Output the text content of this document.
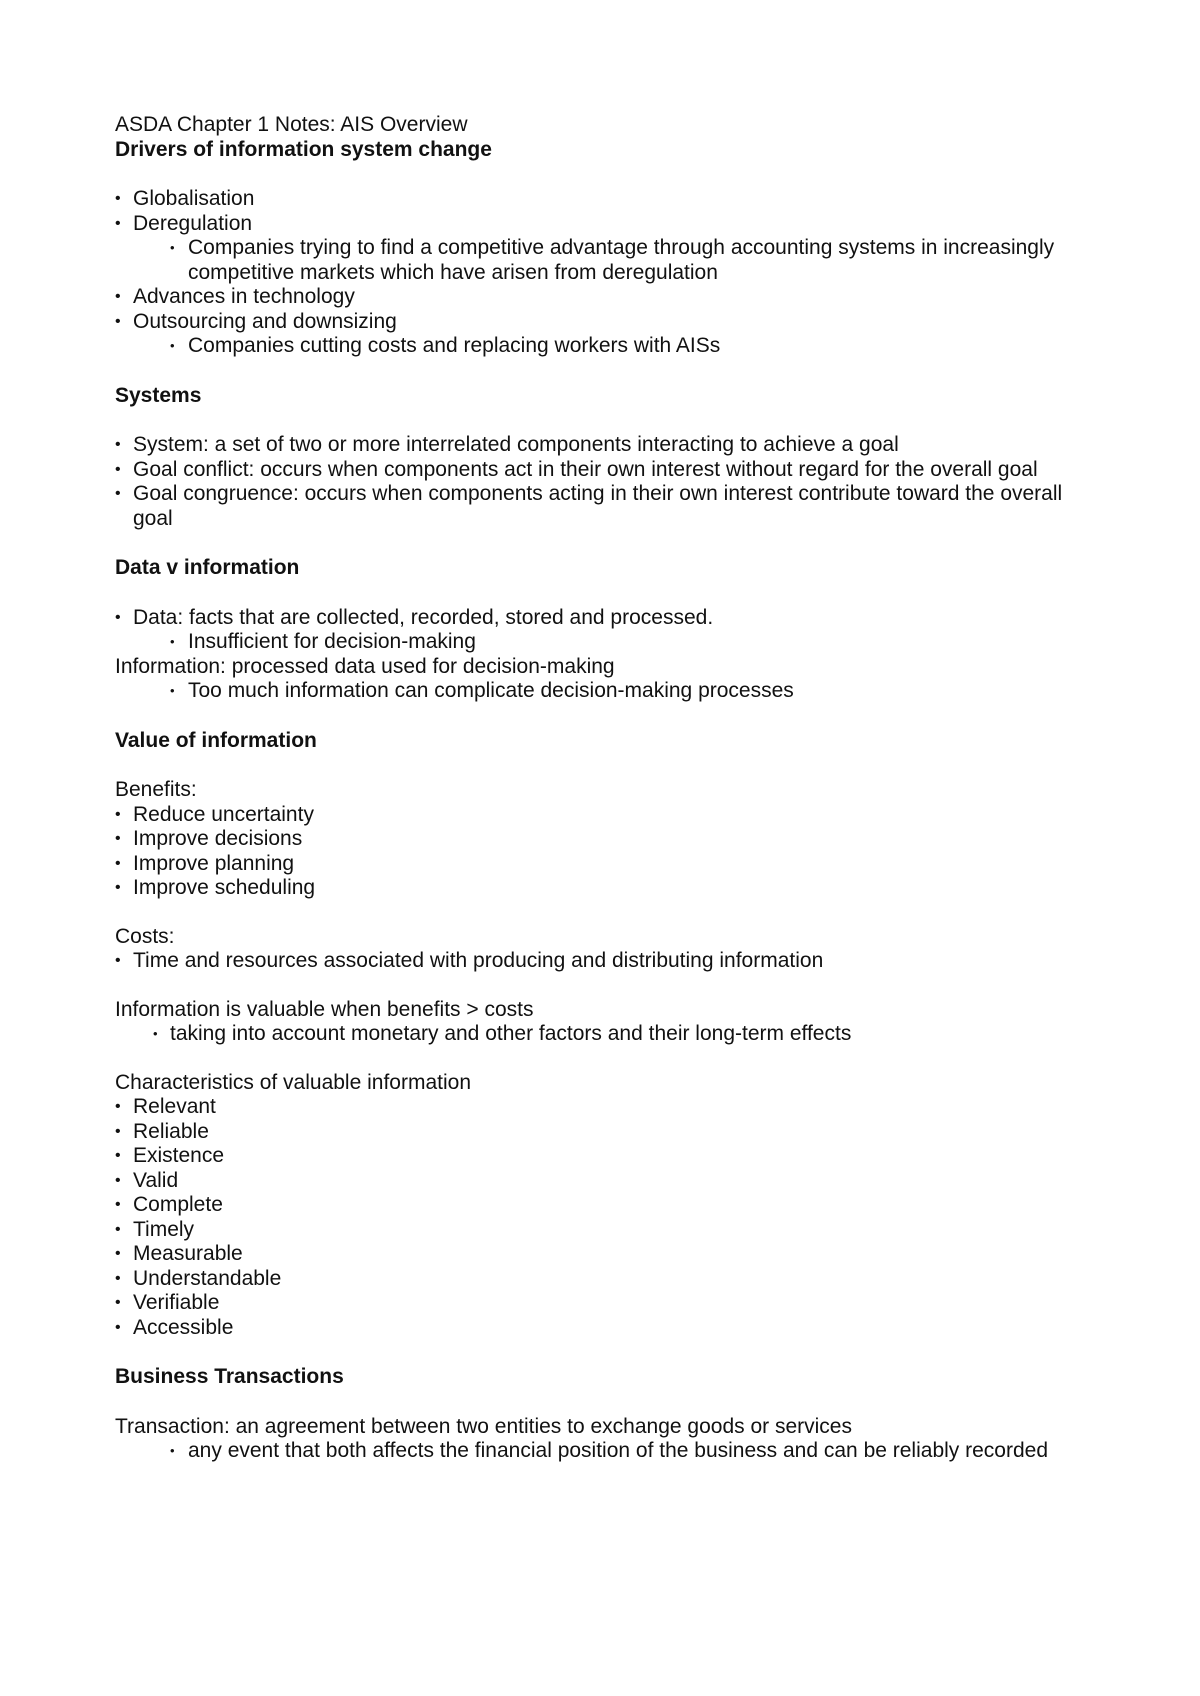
ASDA Chapter 1 Notes: AIS Overview

Drivers of information system change

• Globalisation
• Deregulation
• Companies trying to find a competitive advantage through accounting systems in increasingly competitive markets which have arisen from deregulation
• Advances in technology
• Outsourcing and downsizing
• Companies cutting costs and replacing workers with AISs

Systems

• System: a set of two or more interrelated components interacting to achieve a goal
• Goal conflict: occurs when components act in their own interest without regard for the overall goal
• Goal congruence: occurs when components acting in their own interest contribute toward the overall goal

Data v information

• Data: facts that are collected, recorded, stored and processed.
• Insufficient for decision-making

Information: processed data used for decision-making

• Too much information can complicate decision-making processes

Value of information

Benefits:

• Reduce uncertainty
• Improve decisions
• Improve planning
• Improve scheduling

Costs:

• Time and resources associated with producing and distributing information

Information is valuable when benefits > costs

• taking into account monetary and other factors and their long-term effects

Characteristics of valuable information

• Relevant
• Reliable
• Existence
• Valid
• Complete
• Timely
• Measurable
• Understandable
• Verifiable
• Accessible

Business Transactions

Transaction: an agreement between two entities to exchange goods or services

• any event that both affects the financial position of the business and can be reliably recorded
